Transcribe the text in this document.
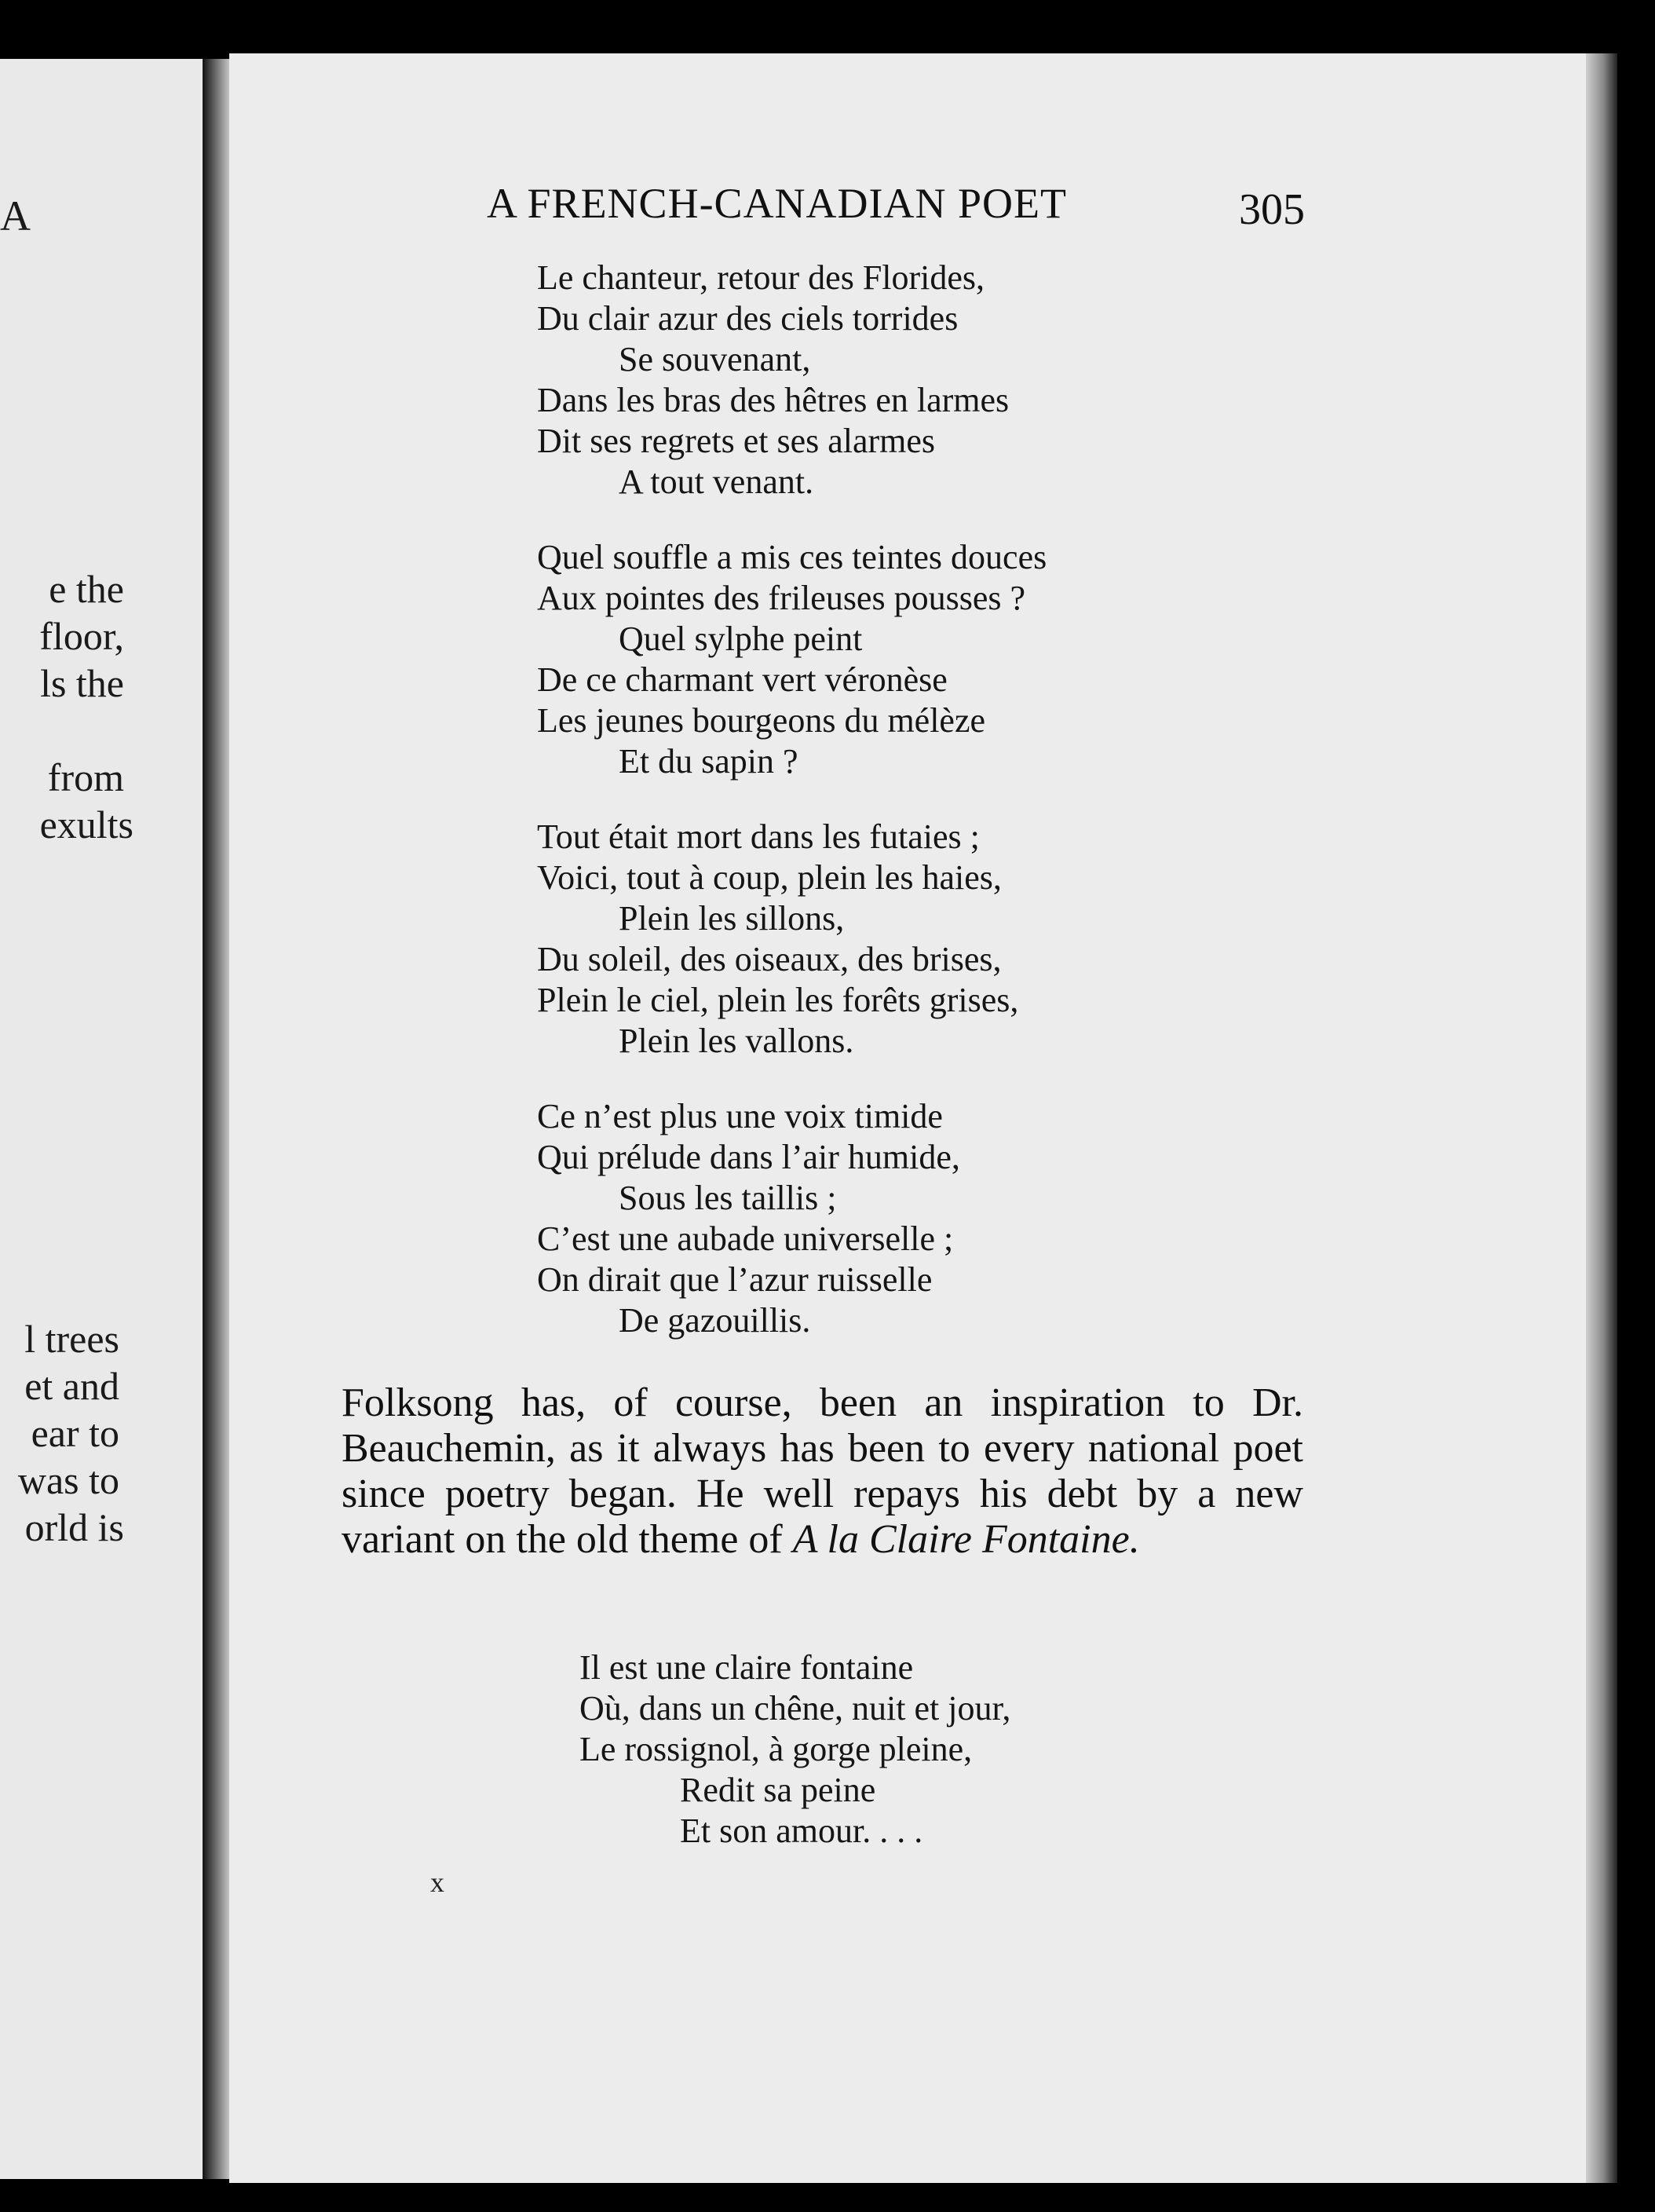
A
e the
floor,
ls the
from
exults
l trees
et and
ear to
was to
orld is
A FRENCH-CANADIAN POET	305
Le chanteur, retour des Florides,
Du clair azur des ciels torrides
Se souvenant,
Dans les bras des hêtres en larmes
Dit ses regrets et ses alarmes
A tout venant.
Quel souffle a mis ces teintes douces
Aux pointes des frileuses pousses ?
Quel sylphe peint
De ce charmant vert véronèse
Les jeunes bourgeons du mélèze
Et du sapin ?
Tout était mort dans les futaies ;
Voici, tout à coup, plein les haies,
Plein les sillons,
Du soleil, des oiseaux, des brises,
Plein le ciel, plein les forêts grises,
Plein les vallons.
Ce n’est plus une voix timide
Qui prélude dans l’air humide,
Sous les taillis ;
C’est une aubade universelle ;
On dirait que l’azur ruisselle
De gazouillis.
Folksong has, of course, been an inspiration to Dr. Beauchemin, as it always has been to every national poet since poetry began. He well repays his debt by a new variant on the old theme of A la Claire Fontaine.
Il est une claire fontaine
Où, dans un chêne, nuit et jour,
Le rossignol, à gorge pleine,
Redit sa peine
Et son amour. . . .
x
